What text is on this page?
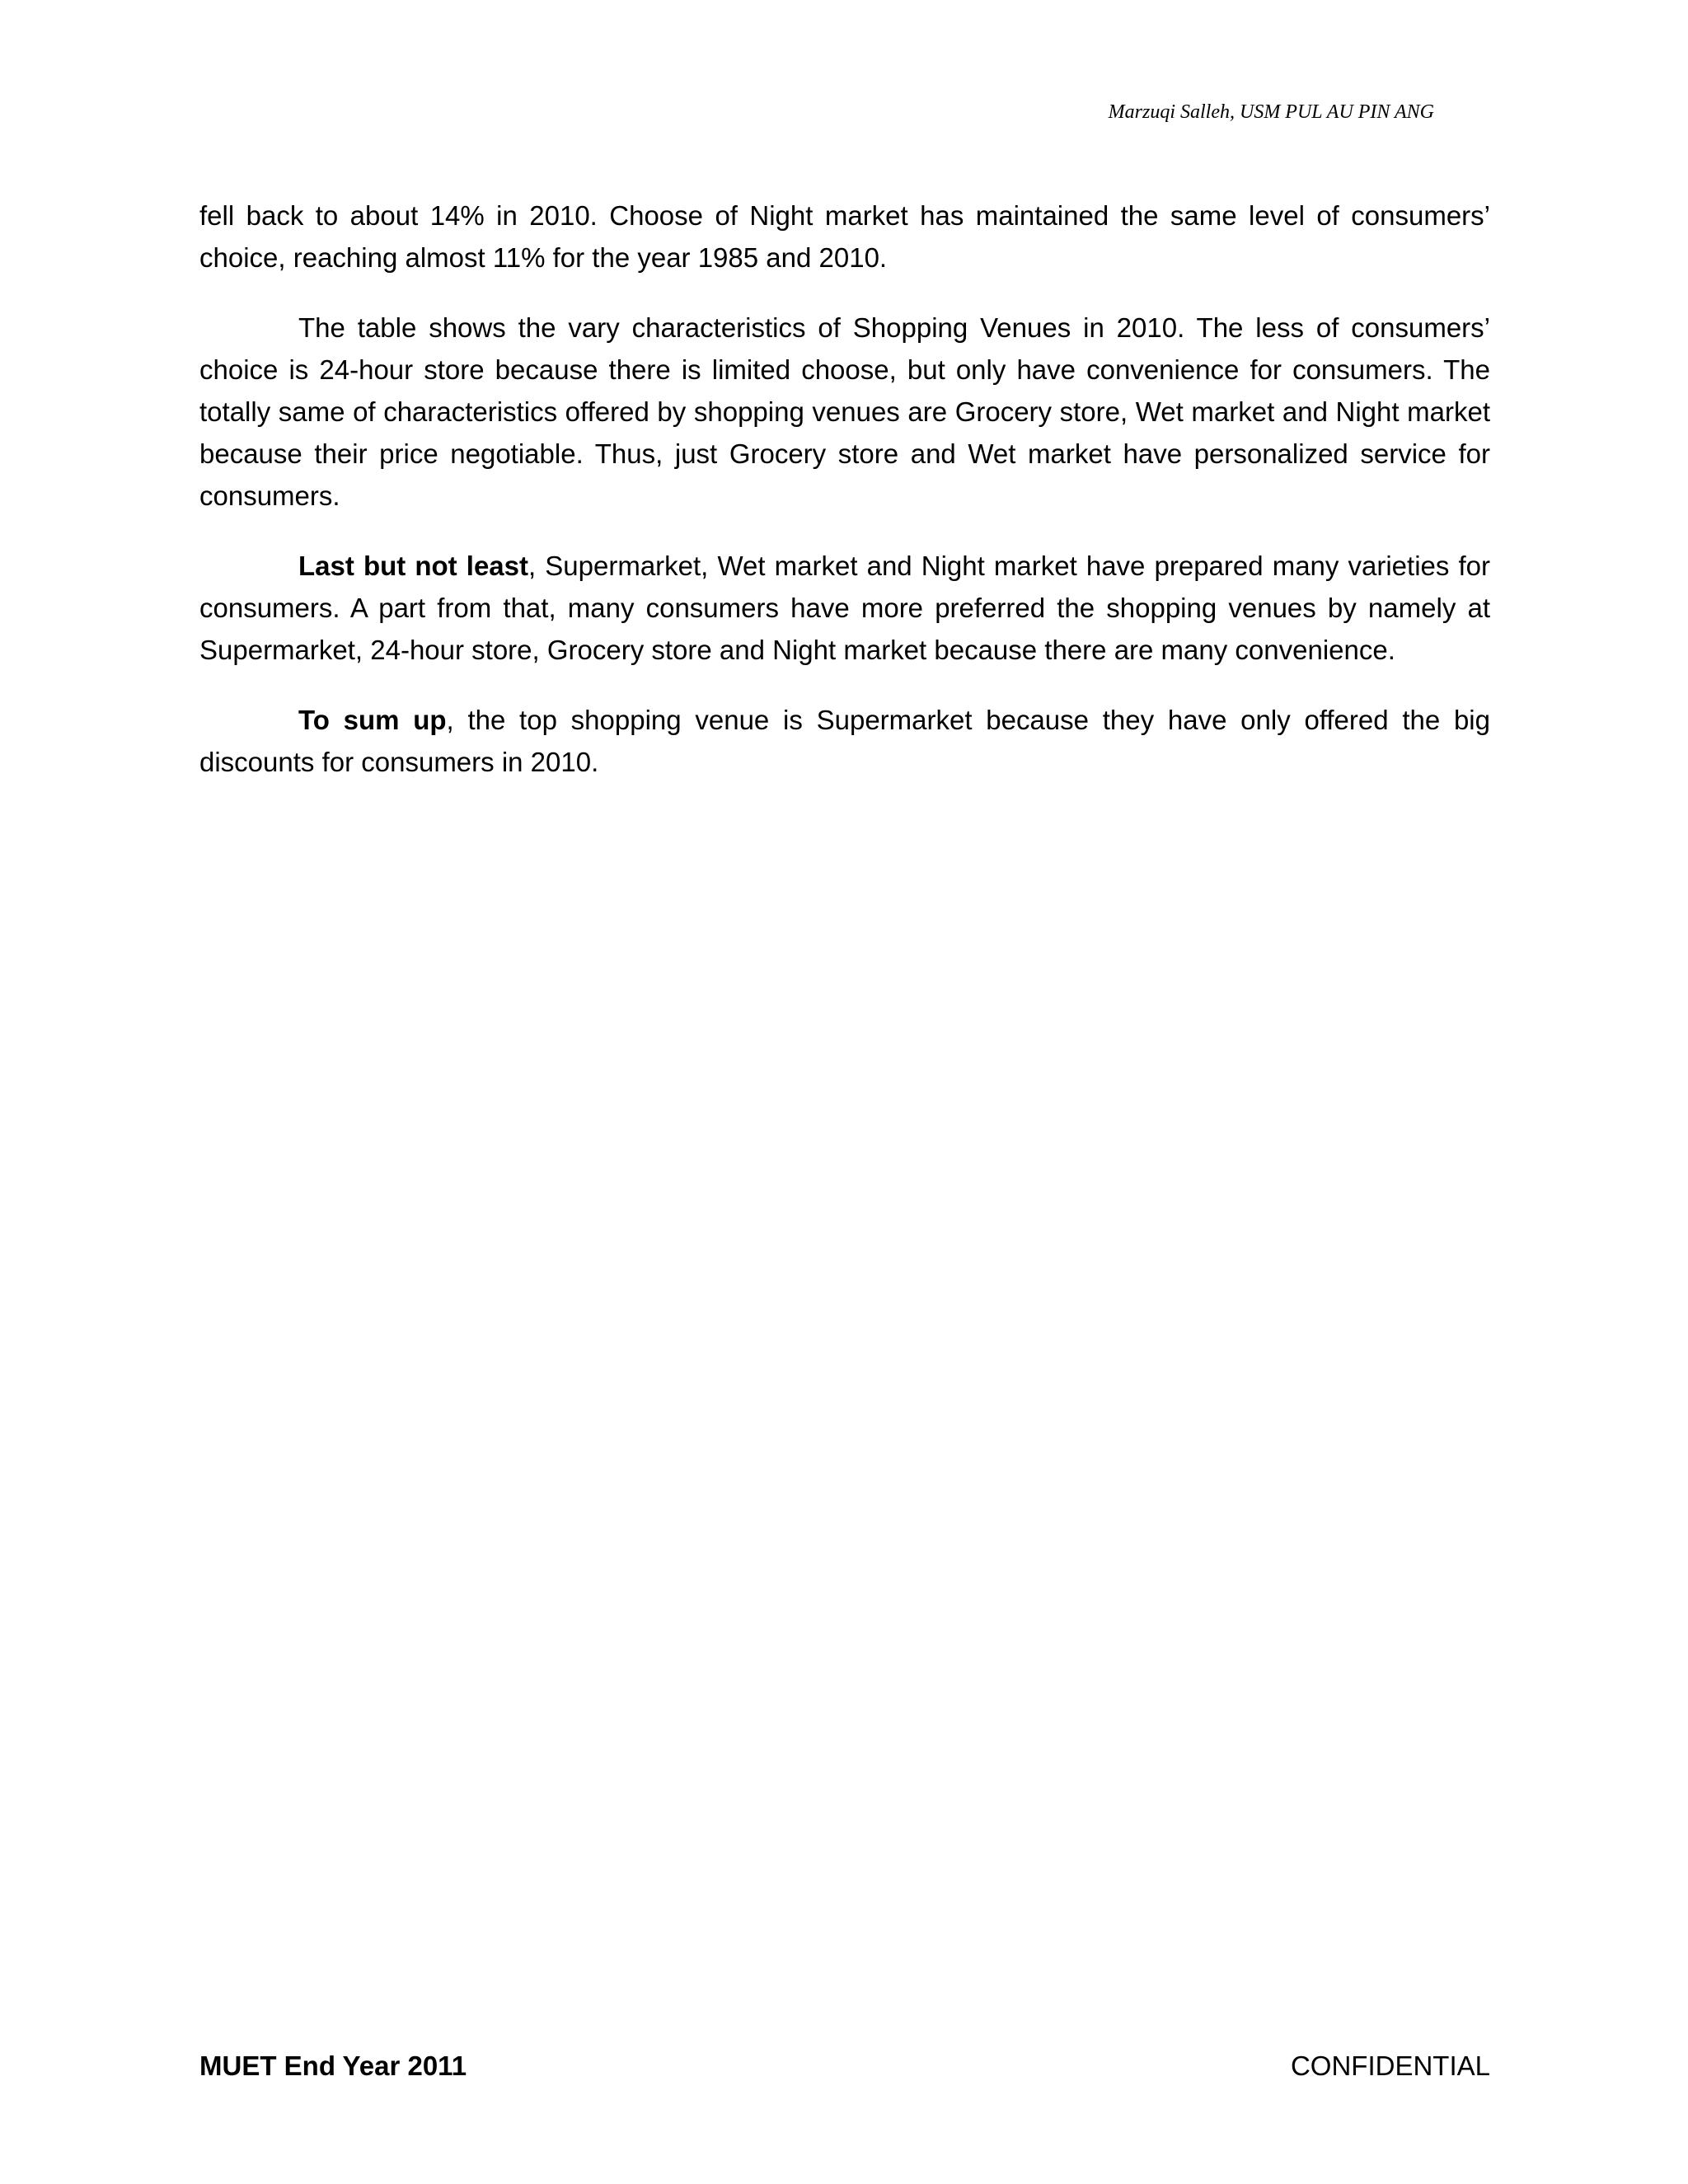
Marzuqi Salleh, USM PUL AU PIN ANG

fell back to about 14% in 2010. Choose of Night market has maintained the same level of consumers’ choice, reaching almost 11% for the year 1985 and 2010.

The table shows the vary characteristics of Shopping Venues in 2010. The less of consumers’ choice is 24-hour store because there is limited choose, but only have convenience for consumers. The totally same of characteristics offered by shopping venues are Grocery store, Wet market and Night market because their price negotiable. Thus, just Grocery store and Wet market have personalized service for consumers.

Last but not least, Supermarket, Wet market and Night market have prepared many varieties for consumers. A part from that, many consumers have more preferred the shopping venues by namely at Supermarket, 24-hour store, Grocery store and Night market because there are many convenience.

To sum up, the top shopping venue is Supermarket because they have only offered the big discounts for consumers in 2010.

MUET End Year 2011	CONFIDENTIAL
